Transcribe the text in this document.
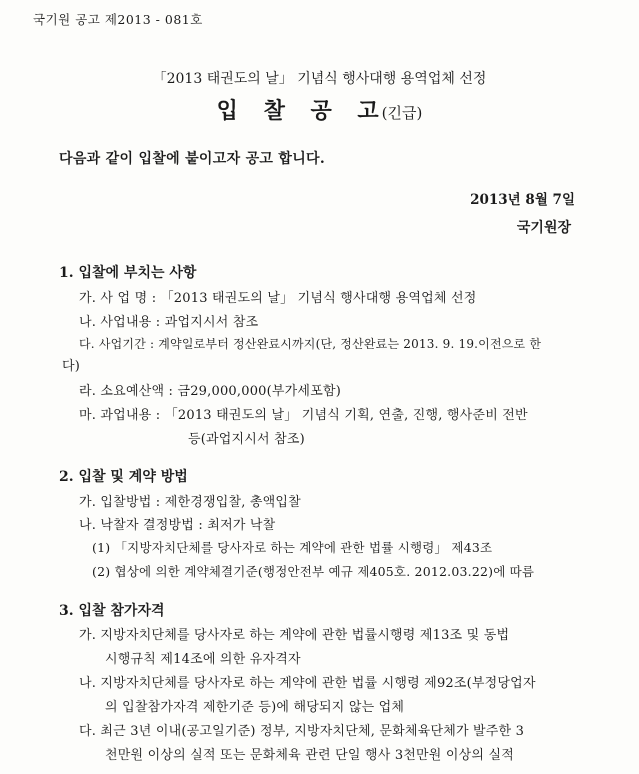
국기원 공고 제2013 - 081호
「2013 태권도의 날」 기념식 행사대행 용역업체 선정
입 찰 공 고(긴급)
다음과 같이 입찰에 붙이고자 공고 합니다.
2013년 8월 7일
국기원장
1. 입찰에 부치는 사항
가. 사 업 명 : 「2013 태권도의 날」 기념식 행사대행 용역업체 선정
나. 사업내용 : 과업지시서 참조
다. 사업기간 : 계약일로부터 정산완료시까지(단, 정산완료는 2013. 9. 19.이전으로 한
다)
라. 소요예산액 : 금29,000,000(부가세포함)
마. 과업내용 : 「2013 태권도의 날」 기념식 기획, 연출, 진행, 행사준비 전반
등(과업지시서 참조)
2. 입찰 및 계약 방법
가. 입찰방법 : 제한경쟁입찰, 총액입찰
나. 낙찰자 결정방법 : 최저가 낙찰
(1) 「지방자치단체를 당사자로 하는 계약에 관한 법률 시행령」 제43조
(2) 협상에 의한 계약체결기준(행정안전부 예규 제405호. 2012.03.22)에 따름
3. 입찰 참가자격
가. 지방자치단체를 당사자로 하는 계약에 관한 법률시행령 제13조 및 동법
시행규칙 제14조에 의한 유자격자
나. 지방자치단체를 당사자로 하는 계약에 관한 법률 시행령 제92조(부정당업자
의 입찰참가자격 제한기준 등)에 해당되지 않는 업체
다. 최근 3년 이내(공고일기준) 정부, 지방자치단체, 문화체육단체가 발주한 3
천만원 이상의 실적 또는 문화체육 관련 단일 행사 3천만원 이상의 실적
